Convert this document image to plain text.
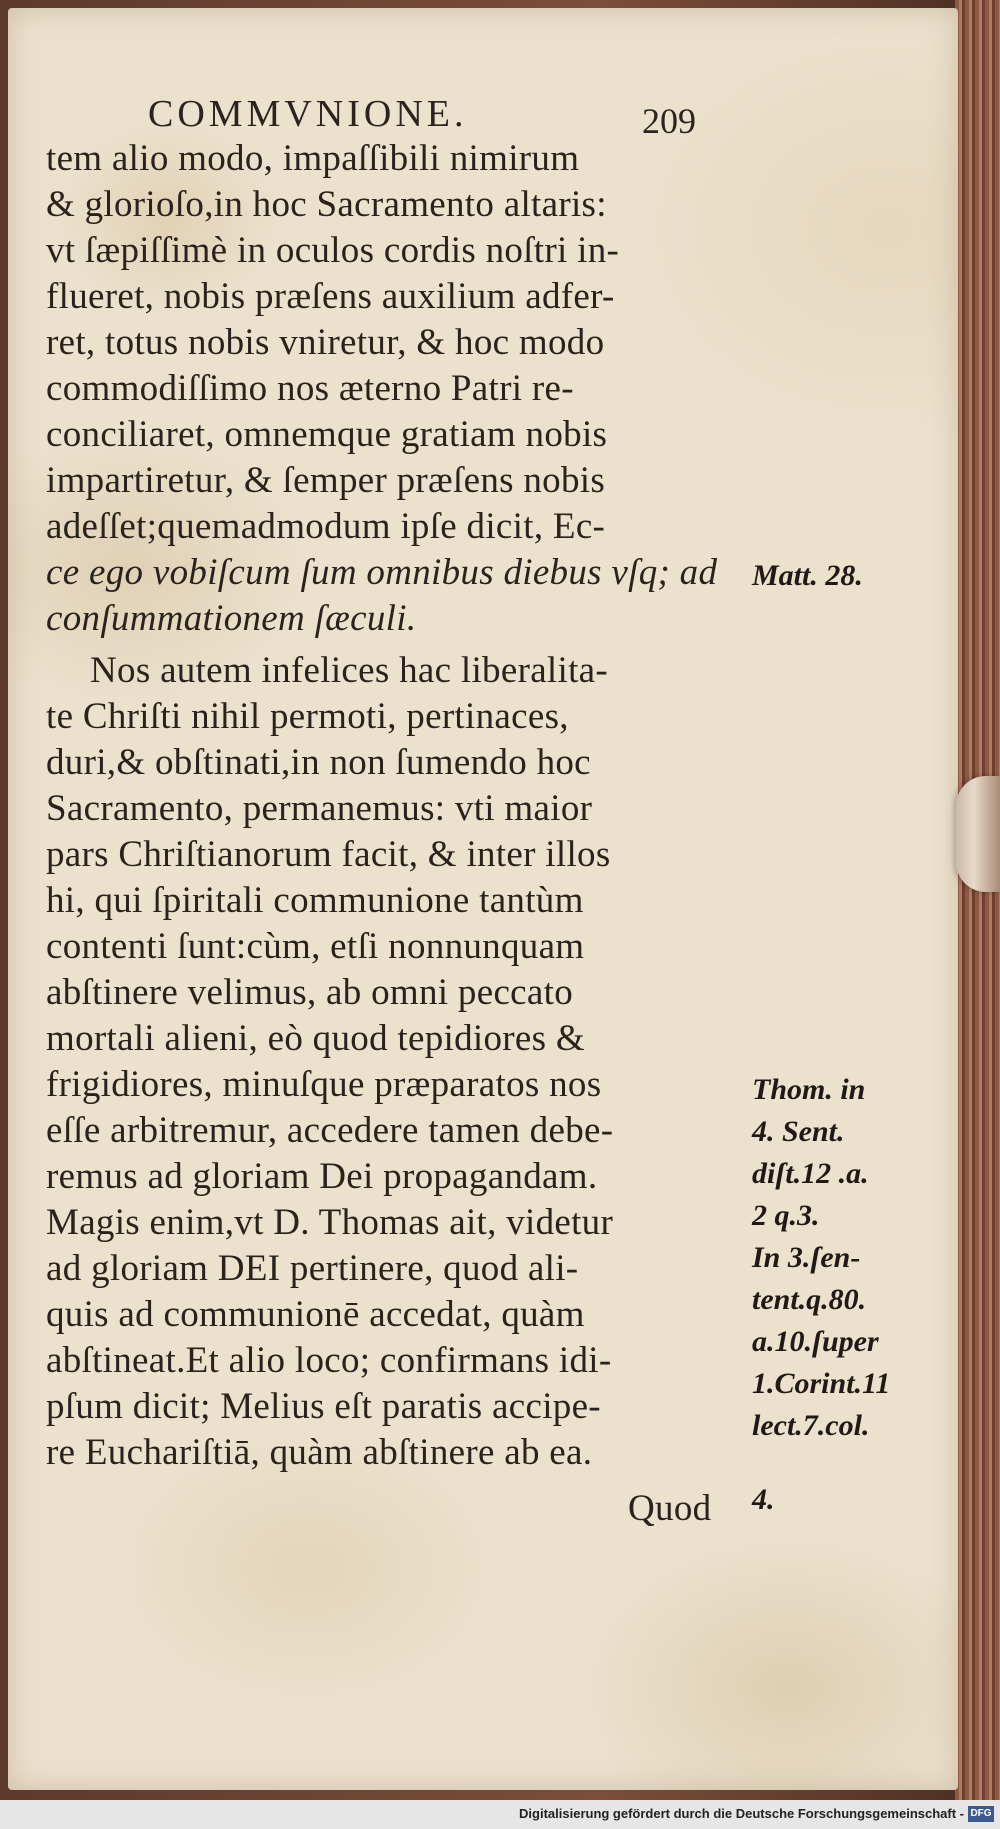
COMMVNIONE.	209
tem alio modo, impaſſibili nimirum
& glorioſo,in hoc Sacramento altaris:
vt ſæpiſſimè in oculos cordis noſtri in-
flueret, nobis præſens auxilium adfer-
ret, totus nobis vniretur, & hoc modo
commodiſſimo nos æterno Patri re-
conciliaret, omnemque gratiam nobis
impartiretur, & ſemper præſens nobis
adeſſet;quemadmodum ipſe dicit, Ec-
ce ego vobiſcum ſum omnibus diebus vſq; ad
conſummationem ſæculi.
Nos autem infelices hac liberalita-
te Chriſti nihil permoti, pertinaces,
duri,& obſtinati,in non ſumendo hoc
Sacramento, permanemus: vti maior
pars Chriſtianorum facit, & inter illos
hi, qui ſpiritali communione tantùm
contenti ſunt:cùm, etſi nonnunquam
abſtinere velimus, ab omni peccato
mortali alieni, eò quod tepidiores &
frigidiores, minuſque præparatos nos
eſſe arbitremur, accedere tamen debe-
remus ad gloriam Dei propagandam.
Magis enim,vt D. Thomas ait, videtur
ad gloriam DEI pertinere, quod ali-
quis ad communionē accedat, quàm
abſtineat.Et alio loco; confirmans idi-
pſum dicit; Melius eſt paratis accipe-
re Euchariſtiā, quàm abſtinere ab ea.
Quod
Matt. 28.
Thom. in
4. Sent.
diſt.12 .a.
2 q.3.
In 3.ſen-
tent.q.80.
a.10.ſuper
1.Corint.11
lect.7.col.
4.
Digitalisierung gefördert durch die Deutsche Forschungsgemeinschaft - DFG
